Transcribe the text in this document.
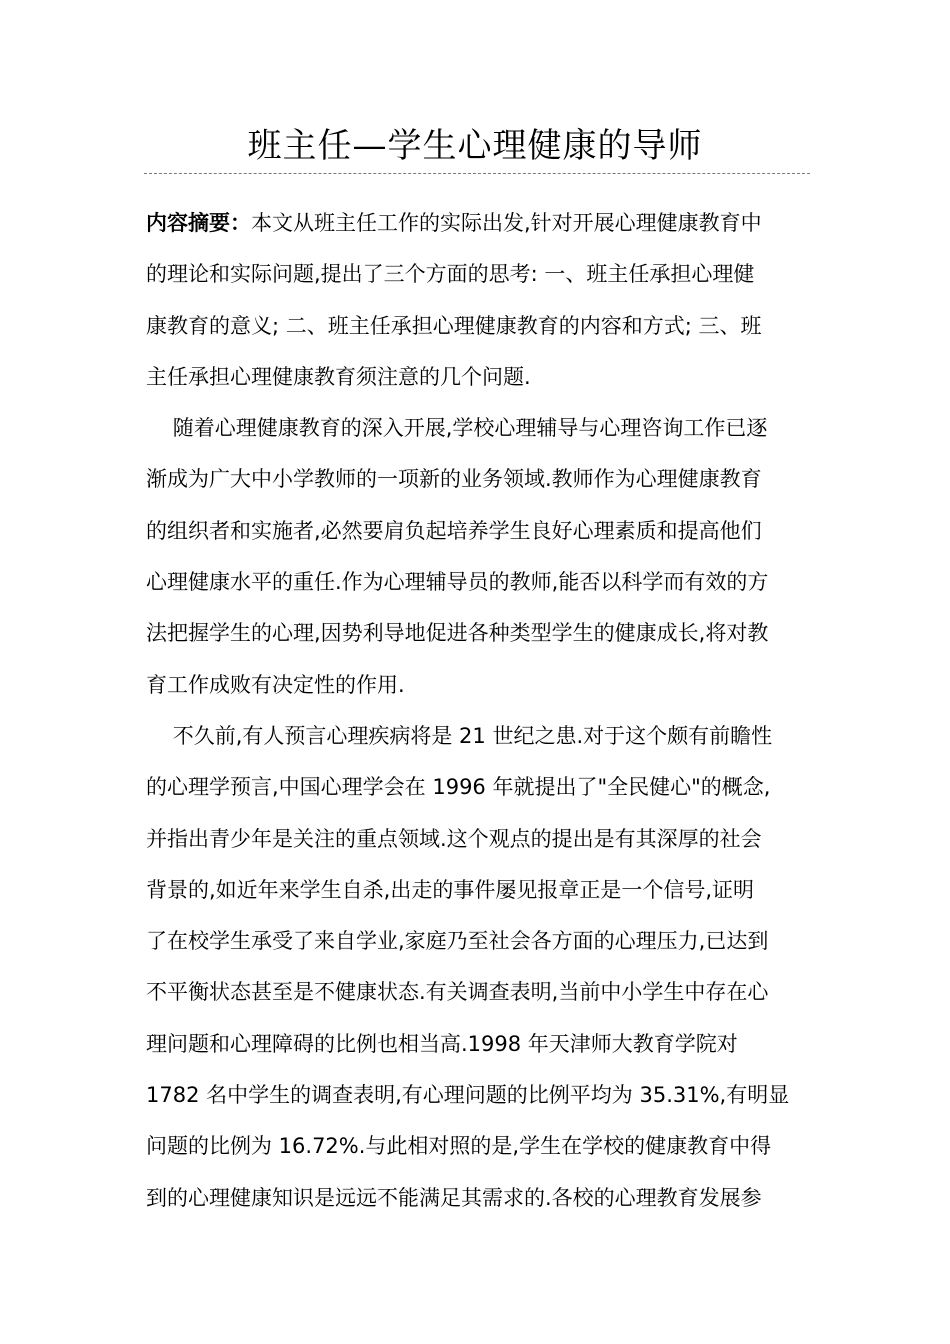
班主任—学生心理健康的导师
内容摘要：本文从班主任工作的实际出发,针对开展心理健康教育中
的理论和实际问题,提出了三个方面的思考: 一、班主任承担心理健
康教育的意义; 二、班主任承担心理健康教育的内容和方式; 三、班
主任承担心理健康教育须注意的几个问题.
随着心理健康教育的深入开展,学校心理辅导与心理咨询工作已逐
渐成为广大中小学教师的一项新的业务领域.教师作为心理健康教育
的组织者和实施者,必然要肩负起培养学生良好心理素质和提高他们
心理健康水平的重任.作为心理辅导员的教师,能否以科学而有效的方
法把握学生的心理,因势利导地促进各种类型学生的健康成长,将对教
育工作成败有决定性的作用.
不久前,有人预言心理疾病将是 21 世纪之患.对于这个颇有前瞻性
的心理学预言,中国心理学会在 1996 年就提出了"全民健心"的概念,
并指出青少年是关注的重点领域.这个观点的提出是有其深厚的社会
背景的,如近年来学生自杀,出走的事件屡见报章正是一个信号,证明
了在校学生承受了来自学业,家庭乃至社会各方面的心理压力,已达到
不平衡状态甚至是不健康状态.有关调查表明,当前中小学生中存在心
理问题和心理障碍的比例也相当高.1998 年天津师大教育学院对
1782 名中学生的调查表明,有心理问题的比例平均为 35.31%,有明显
问题的比例为 16.72%.与此相对照的是,学生在学校的健康教育中得
到的心理健康知识是远远不能满足其需求的.各校的心理教育发展参
